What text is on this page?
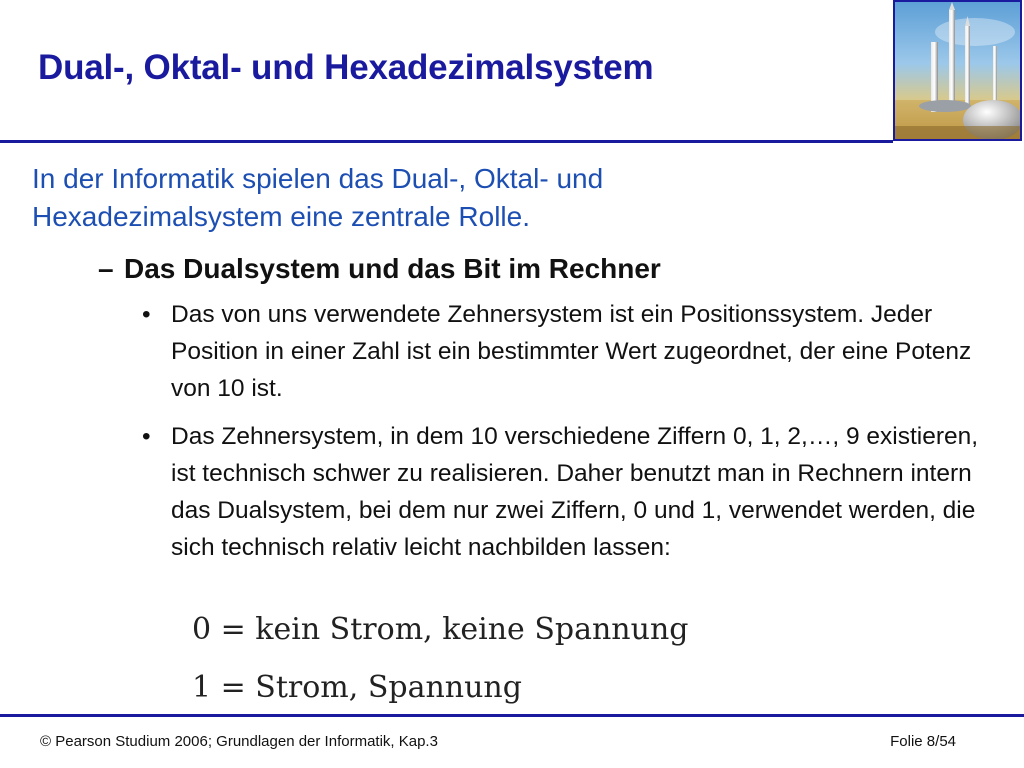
Dual-, Oktal- und Hexadezimalsystem
In der Informatik spielen das Dual-, Oktal- und Hexadezimalsystem eine zentrale Rolle.
– Das Dualsystem und das Bit im Rechner
• Das von uns verwendete Zehnersystem ist ein Positionssystem. Jeder Position in einer Zahl ist ein bestimmter Wert zugeordnet, der eine Potenz von 10 ist.
• Das Zehnersystem, in dem 10 verschiedene Ziffern 0, 1, 2,…, 9 existieren, ist technisch schwer zu realisieren. Daher benutzt man in Rechnern intern das Dualsystem, bei dem nur zwei Ziffern, 0 und 1, verwendet werden, die sich technisch relativ leicht nachbilden lassen:
0 = kein Strom, keine Spannung
1 = Strom, Spannung
© Pearson Studium 2006; Grundlagen der Informatik, Kap.3	Folie 8/54
